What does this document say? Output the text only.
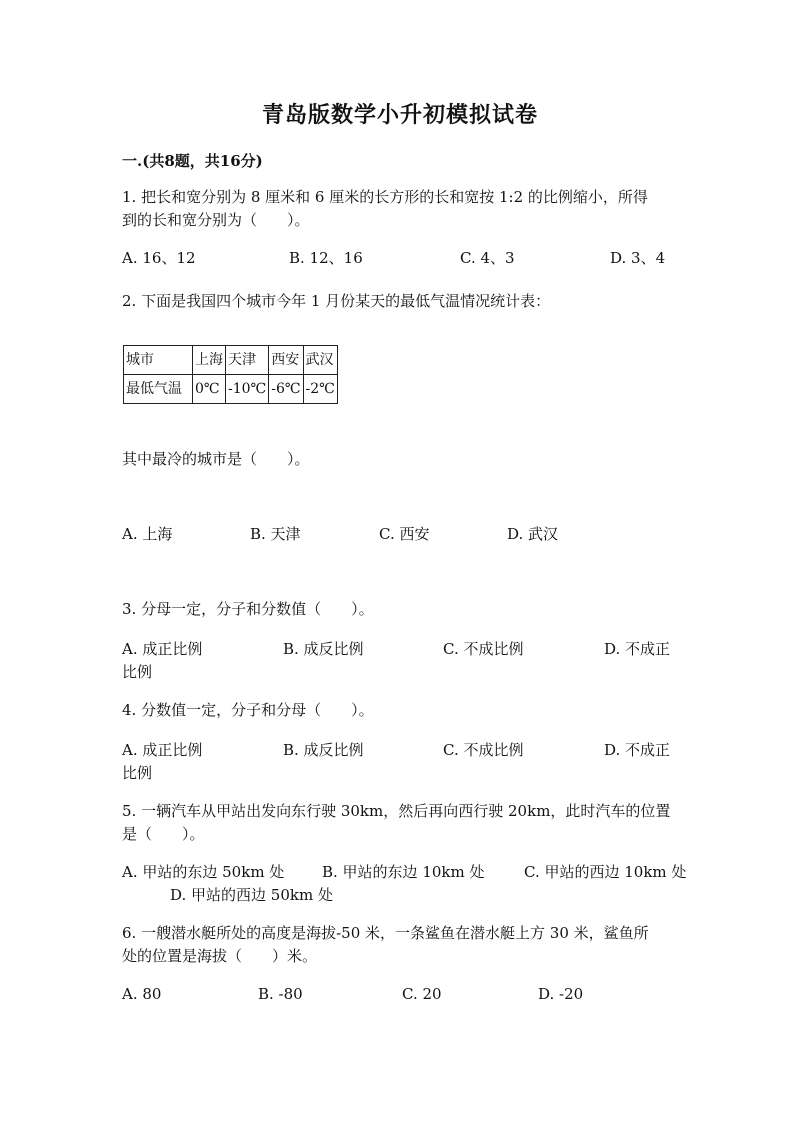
青岛版数学小升初模拟试卷
一.(共8题，共16分)
1. 把长和宽分别为 8 厘米和 6 厘米的长方形的长和宽按 1:2 的比例缩小，所得
到的长和宽分别为（　　）。
A. 16、12	B. 12、16	C. 4、3	D. 3、4
2. 下面是我国四个城市今年 1 月份某天的最低气温情况统计表：
城市	上海	天津	西安	武汉
最低气温	0℃	-10℃	-6℃	-2℃
其中最冷的城市是（　　）。
A. 上海	B. 天津	C. 西安	D. 武汉
3. 分母一定，分子和分数值（　　）。
A. 成正比例	B. 成反比例	C. 不成比例	D. 不成正
比例
4. 分数值一定，分子和分母（　　）。
A. 成正比例	B. 成反比例	C. 不成比例	D. 不成正
比例
5. 一辆汽车从甲站出发向东行驶 30km，然后再向西行驶 20km，此时汽车的位置
是（　　）。
A. 甲站的东边 50km 处	B. 甲站的东边 10km 处	C. 甲站的西边 10km 处
D. 甲站的西边 50km 处
6. 一艘潜水艇所处的高度是海拔-50 米，一条鲨鱼在潜水艇上方 30 米，鲨鱼所
处的位置是海拔（　　）米。
A. 80	B. -80	C. 20	D. -20
